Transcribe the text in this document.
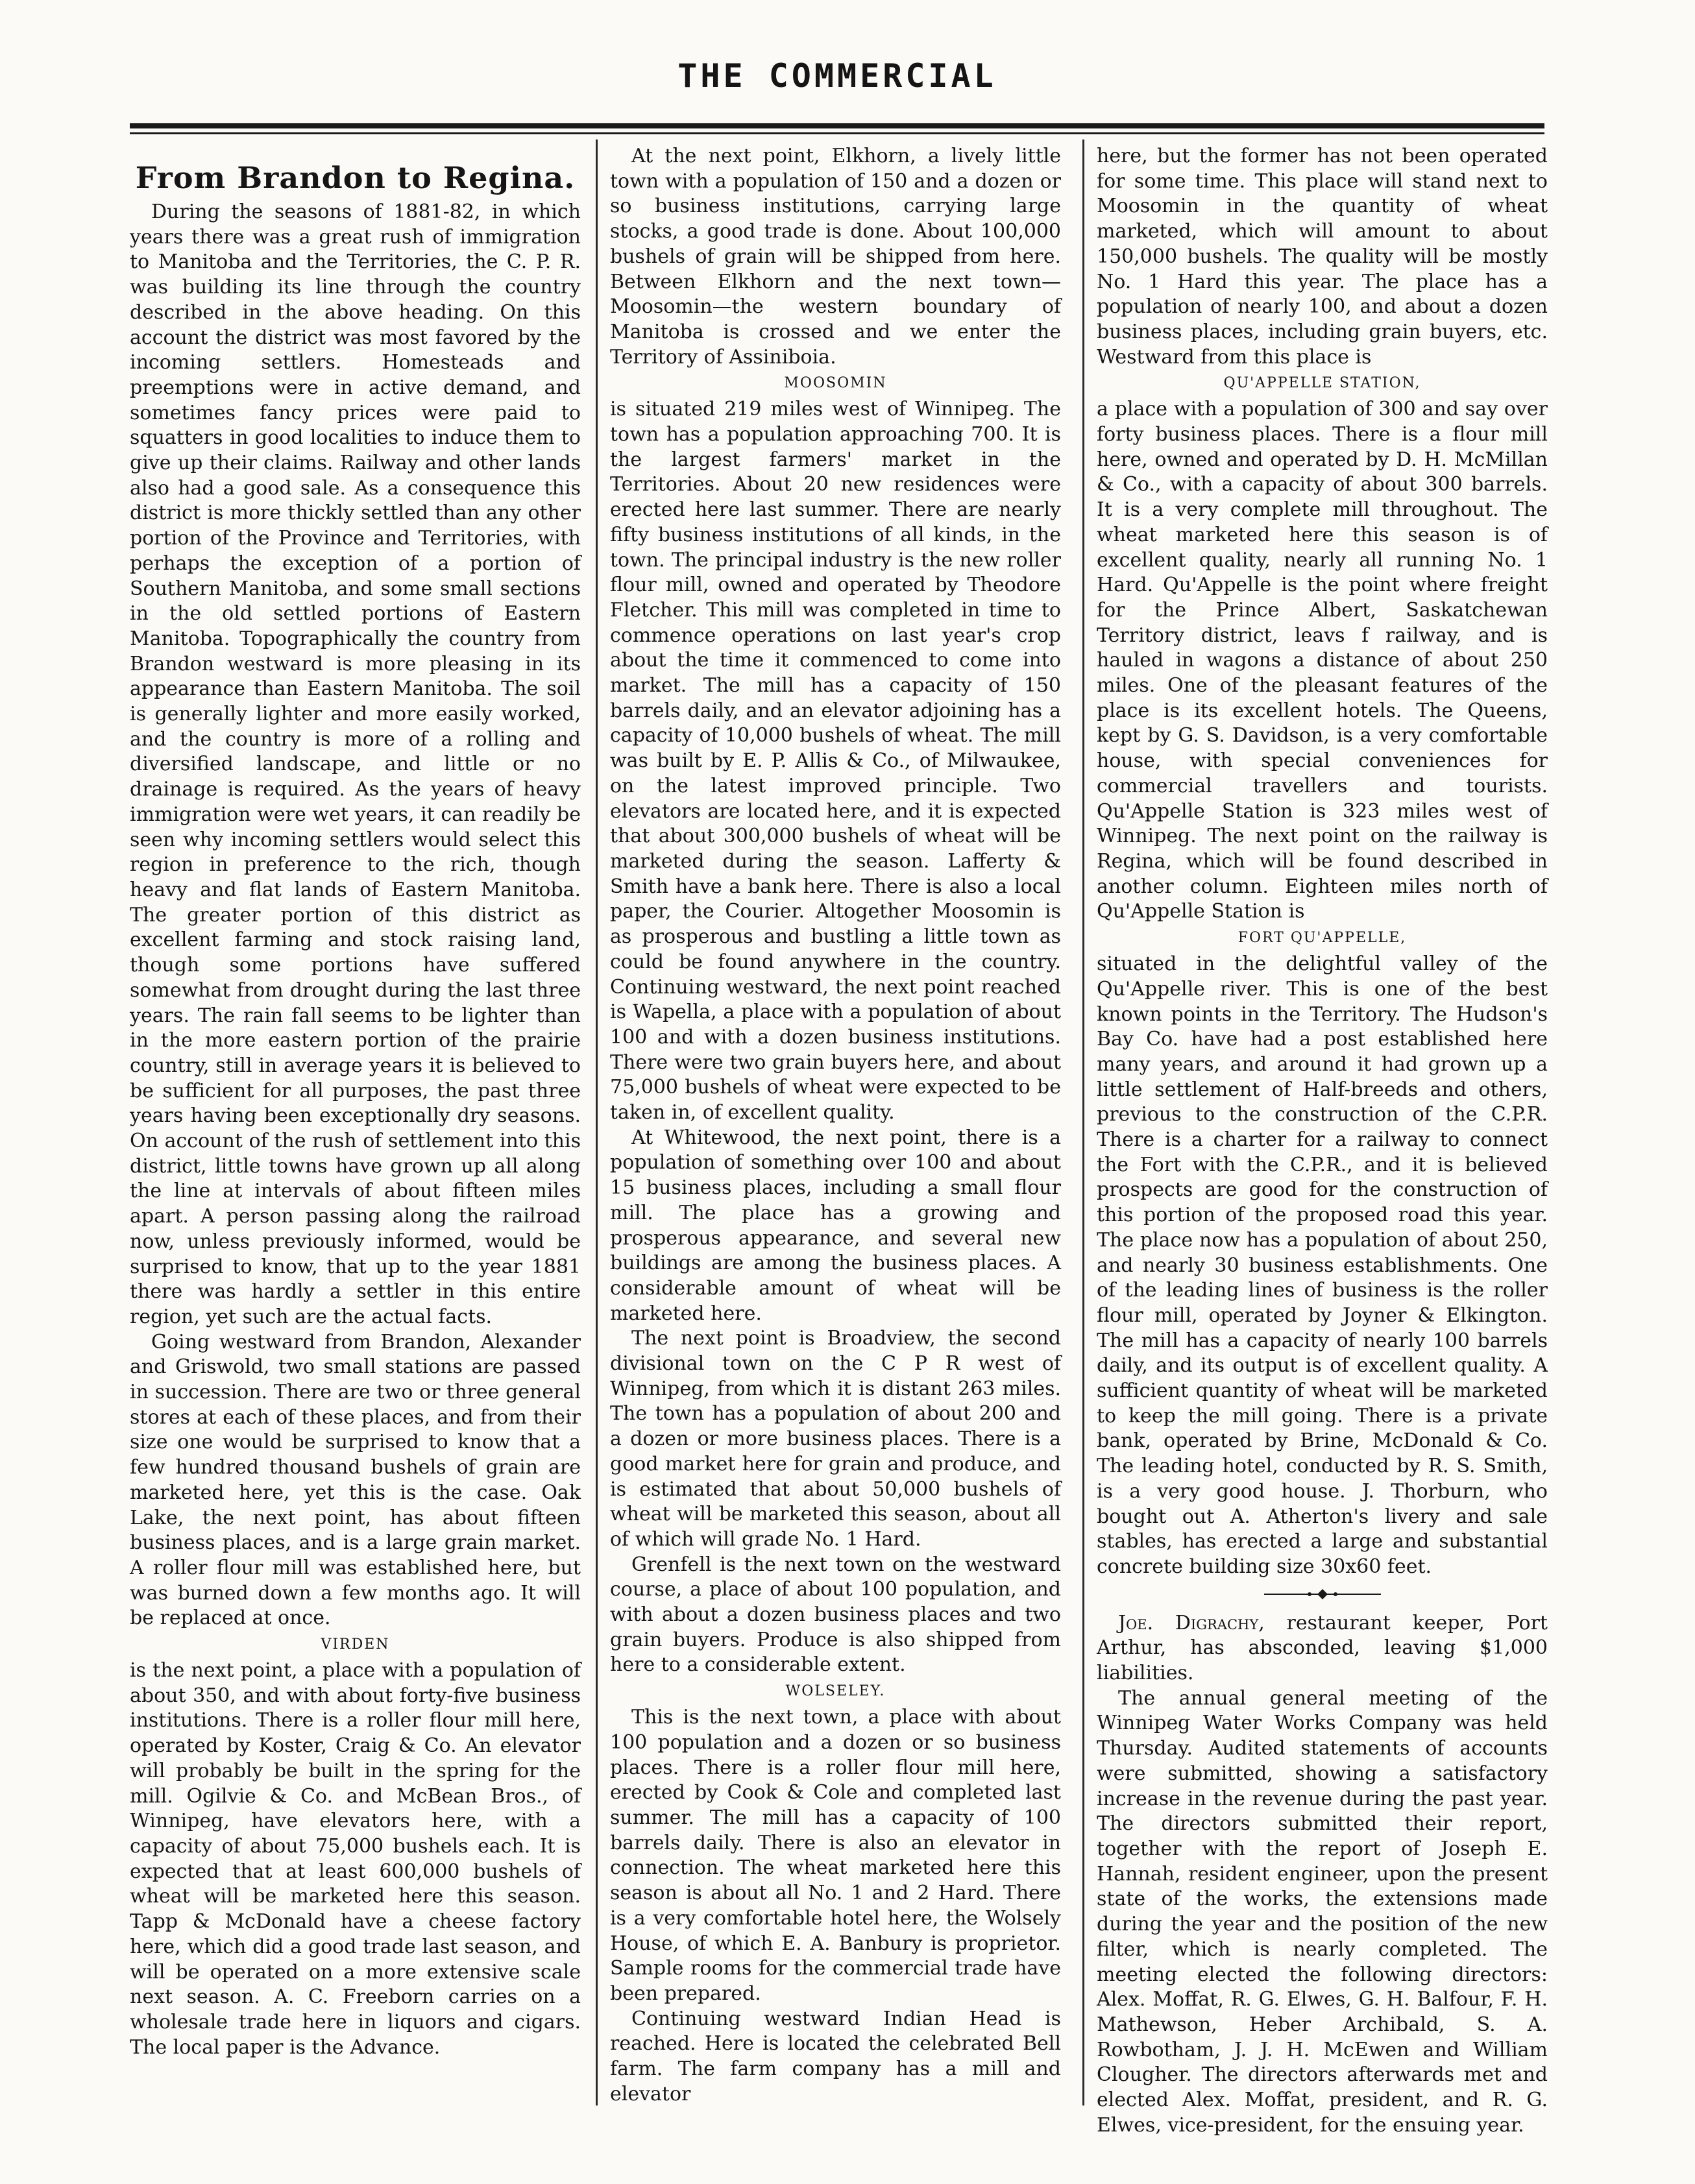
THE COMMERCIAL
From Brandon to Regina.

During the seasons of 1881-82, in which years there was a great rush of immigration to Manitoba and the Territories, the C. P. R. was building its line through the country described in the above heading. On this account the district was most favored by the incoming settlers. Homesteads and preemptions were in active demand, and sometimes fancy prices were paid to squatters in good localities to induce them to give up their claims. Railway and other lands also had a good sale. As a consequence this district is more thickly settled than any other portion of the Province and Territories, with perhaps the exception of a portion of Southern Manitoba, and some small sections in the old settled portions of Eastern Manitoba. Topographically the country from Brandon westward is more pleasing in its appearance than Eastern Manitoba. The soil is generally lighter and more easily worked, and the country is more of a rolling and diversified landscape, and little or no drainage is required. As the years of heavy immigration were wet years, it can readily be seen why incoming settlers would select this region in preference to the rich, though heavy and flat lands of Eastern Manitoba. The greater portion of this district as excellent farming and stock raising land, though some portions have suffered somewhat from drought during the last three years. The rain fall seems to be lighter than in the more eastern portion of the prairie country, still in average years it is believed to be sufficient for all purposes, the past three years having been exceptionally dry seasons. On account of the rush of settlement into this district, little towns have grown up all along the line at intervals of about fifteen miles apart. A person passing along the railroad now, unless previously informed, would be surprised to know, that up to the year 1881 there was hardly a settler in this entire region, yet such are the actual facts.

Going westward from Brandon, Alexander and Griswold, two small stations are passed in succession. There are two or three general stores at each of these places, and from their size one would be surprised to know that a few hundred thousand bushels of grain are marketed here, yet this is the case. Oak Lake, the next point, has about fifteen business places, and is a large grain market. A roller flour mill was established here, but was burned down a few months ago. It will be replaced at once.

VIRDEN

is the next point, a place with a population of about 350, and with about forty-five business institutions. There is a roller flour mill here, operated by Koster, Craig & Co. An elevator will probably be built in the spring for the mill. Ogilvie & Co. and McBean Bros., of Winnipeg, have elevators here, with a capacity of about 75,000 bushels each. It is expected that at least 600,000 bushels of wheat will be marketed here this season. Tapp & McDonald have a cheese factory here, which did a good trade last season, and will be operated on a more extensive scale next season. A. C. Freeborn carries on a wholesale trade here in liquors and cigars. The local paper is the Advance.

At the next point, Elkhorn, a lively little town with a population of 150 and a dozen or so business institutions, carrying large stocks, a good trade is done. About 100,000 bushels of grain will be shipped from here. Between Elkhorn and the next town—Moosomin—the western boundary of Manitoba is crossed and we enter the Territory of Assiniboia.

MOOSOMIN

is situated 219 miles west of Winnipeg. The town has a population approaching 700. It is the largest farmers' market in the Territories. About 20 new residences were erected here last summer. There are nearly fifty business institutions of all kinds, in the town. The principal industry is the new roller flour mill, owned and operated by Theodore Fletcher. This mill was completed in time to commence operations on last year's crop about the time it commenced to come into market. The mill has a capacity of 150 barrels daily, and an elevator adjoining has a capacity of 10,000 bushels of wheat. The mill was built by E. P. Allis & Co., of Milwaukee, on the latest improved principle. Two elevators are located here, and it is expected that about 300,000 bushels of wheat will be marketed during the season. Lafferty & Smith have a bank here. There is also a local paper, the Courier. Altogether Moosomin is as prosperous and bustling a little town as could be found anywhere in the country. Continuing westward, the next point reached is Wapella, a place with a population of about 100 and with a dozen business institutions. There were two grain buyers here, and about 75,000 bushels of wheat were expected to be taken in, of excellent quality.

At Whitewood, the next point, there is a population of something over 100 and about 15 business places, including a small flour mill. The place has a growing and prosperous appearance, and several new buildings are among the business places. A considerable amount of wheat will be marketed here.

The next point is Broadview, the second divisional town on the C P R west of Winnipeg, from which it is distant 263 miles. The town has a population of about 200 and a dozen or more business places. There is a good market here for grain and produce, and is estimated that about 50,000 bushels of wheat will be marketed this season, about all of which will grade No. 1 Hard.

Grenfell is the next town on the westward course, a place of about 100 population, and with about a dozen business places and two grain buyers. Produce is also shipped from here to a considerable extent.

WOLSELEY.

This is the next town, a place with about 100 population and a dozen or so business places. There is a roller flour mill here, erected by Cook & Cole and completed last summer. The mill has a capacity of 100 barrels daily. There is also an elevator in connection. The wheat marketed here this season is about all No. 1 and 2 Hard. There is a very comfortable hotel here, the Wolsely House, of which E. A. Banbury is proprietor. Sample rooms for the commercial trade have been prepared.

Continuing westward Indian Head is reached. Here is located the celebrated Bell farm. The farm company has a mill and elevator

here, but the former has not been operated for some time. This place will stand next to Moosomin in the quantity of wheat marketed, which will amount to about 150,000 bushels. The quality will be mostly No. 1 Hard this year. The place has a population of nearly 100, and about a dozen business places, including grain buyers, etc. Westward from this place is

QU'APPELLE STATION,

a place with a population of 300 and say over forty business places. There is a flour mill here, owned and operated by D. H. McMillan & Co., with a capacity of about 300 barrels. It is a very complete mill throughout. The wheat marketed here this season is of excellent quality, nearly all running No. 1 Hard. Qu'Appelle is the point where freight for the Prince Albert, Saskatchewan Territory district, leavs f railway, and is hauled in wagons a distance of about 250 miles. One of the pleasant features of the place is its excellent hotels. The Queens, kept by G. S. Davidson, is a very comfortable house, with special conveniences for commercial travellers and tourists. Qu'Appelle Station is 323 miles west of Winnipeg. The next point on the railway is Regina, which will be found described in another column. Eighteen miles north of Qu'Appelle Station is

FORT QU'APPELLE,

situated in the delightful valley of the Qu'Appelle river. This is one of the best known points in the Territory. The Hudson's Bay Co. have had a post established here many years, and around it had grown up a little settlement of Half-breeds and others, previous to the construction of the C.P.R. There is a charter for a railway to connect the Fort with the C.P.R., and it is believed prospects are good for the construction of this portion of the proposed road this year. The place now has a population of about 250, and nearly 30 business establishments. One of the leading lines of business is the roller flour mill, operated by Joyner & Elkington. The mill has a capacity of nearly 100 barrels daily, and its output is of excellent quality. A sufficient quantity of wheat will be marketed to keep the mill going. There is a private bank, operated by Brine, McDonald & Co. The leading hotel, conducted by R. S. Smith, is a very good house. J. Thorburn, who bought out A. Atherton's livery and sale stables, has erected a large and substantial concrete building size 30x60 feet.

Joe. Digrachy, restaurant keeper, Port Arthur, has absconded, leaving $1,000 liabilities.

The annual general meeting of the Winnipeg Water Works Company was held Thursday. Audited statements of accounts were submitted, showing a satisfactory increase in the revenue during the past year. The directors submitted their report, together with the report of Joseph E. Hannah, resident engineer, upon the present state of the works, the extensions made during the year and the position of the new filter, which is nearly completed. The meeting elected the following directors: Alex. Moffat, R. G. Elwes, G. H. Balfour, F. H. Mathewson, Heber Archibald, S. A. Rowbotham, J. J. H. McEwen and William Clougher. The directors afterwards met and elected Alex. Moffat, president, and R. G. Elwes, vice-president, for the ensuing year.
